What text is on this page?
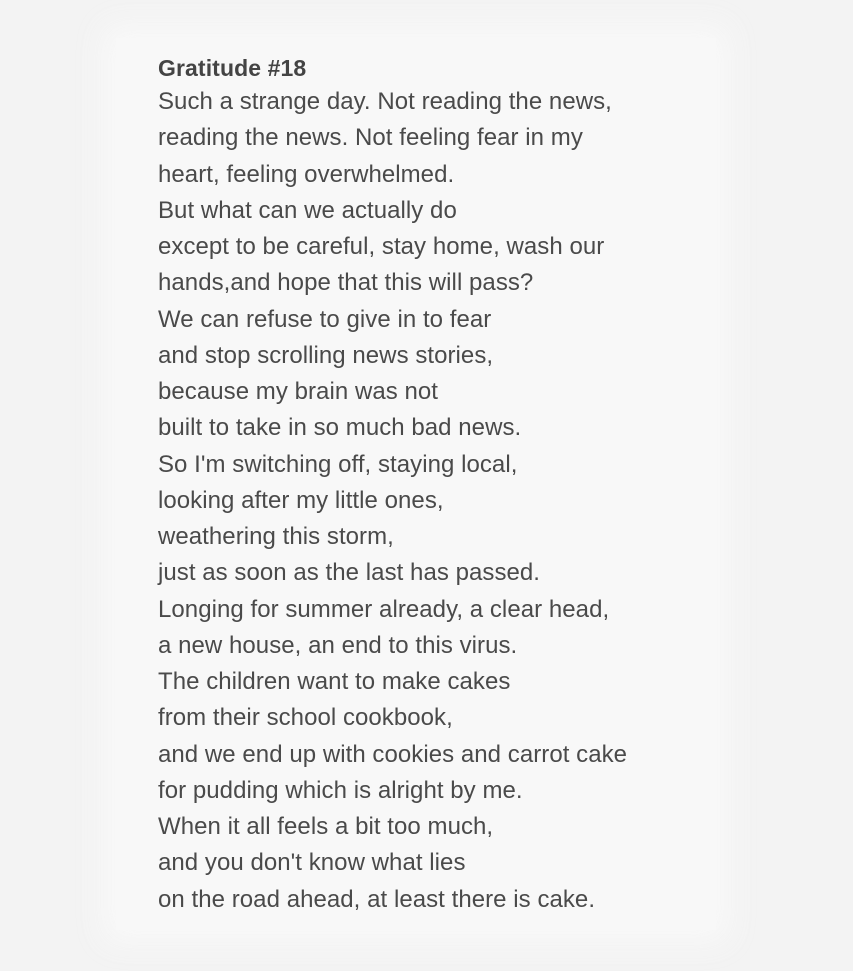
Gratitude #18
Such a strange day. Not reading the news,
reading the news. Not feeling fear in my
heart, feeling overwhelmed.
But what can we actually do
except to be careful, stay home, wash our
hands,and hope that this will pass?
We can refuse to give in to fear
and stop scrolling news stories,
because my brain was not
built to take in so much bad news.
So I'm switching off, staying local,
looking after my little ones,
weathering this storm,
just as soon as the last has passed.
Longing for summer already, a clear head,
a new house, an end to this virus.
The children want to make cakes
from their school cookbook,
and we end up with cookies and carrot cake
for pudding which is alright by me.
When it all feels a bit too much,
and you don't know what lies
on the road ahead, at least there is cake.
